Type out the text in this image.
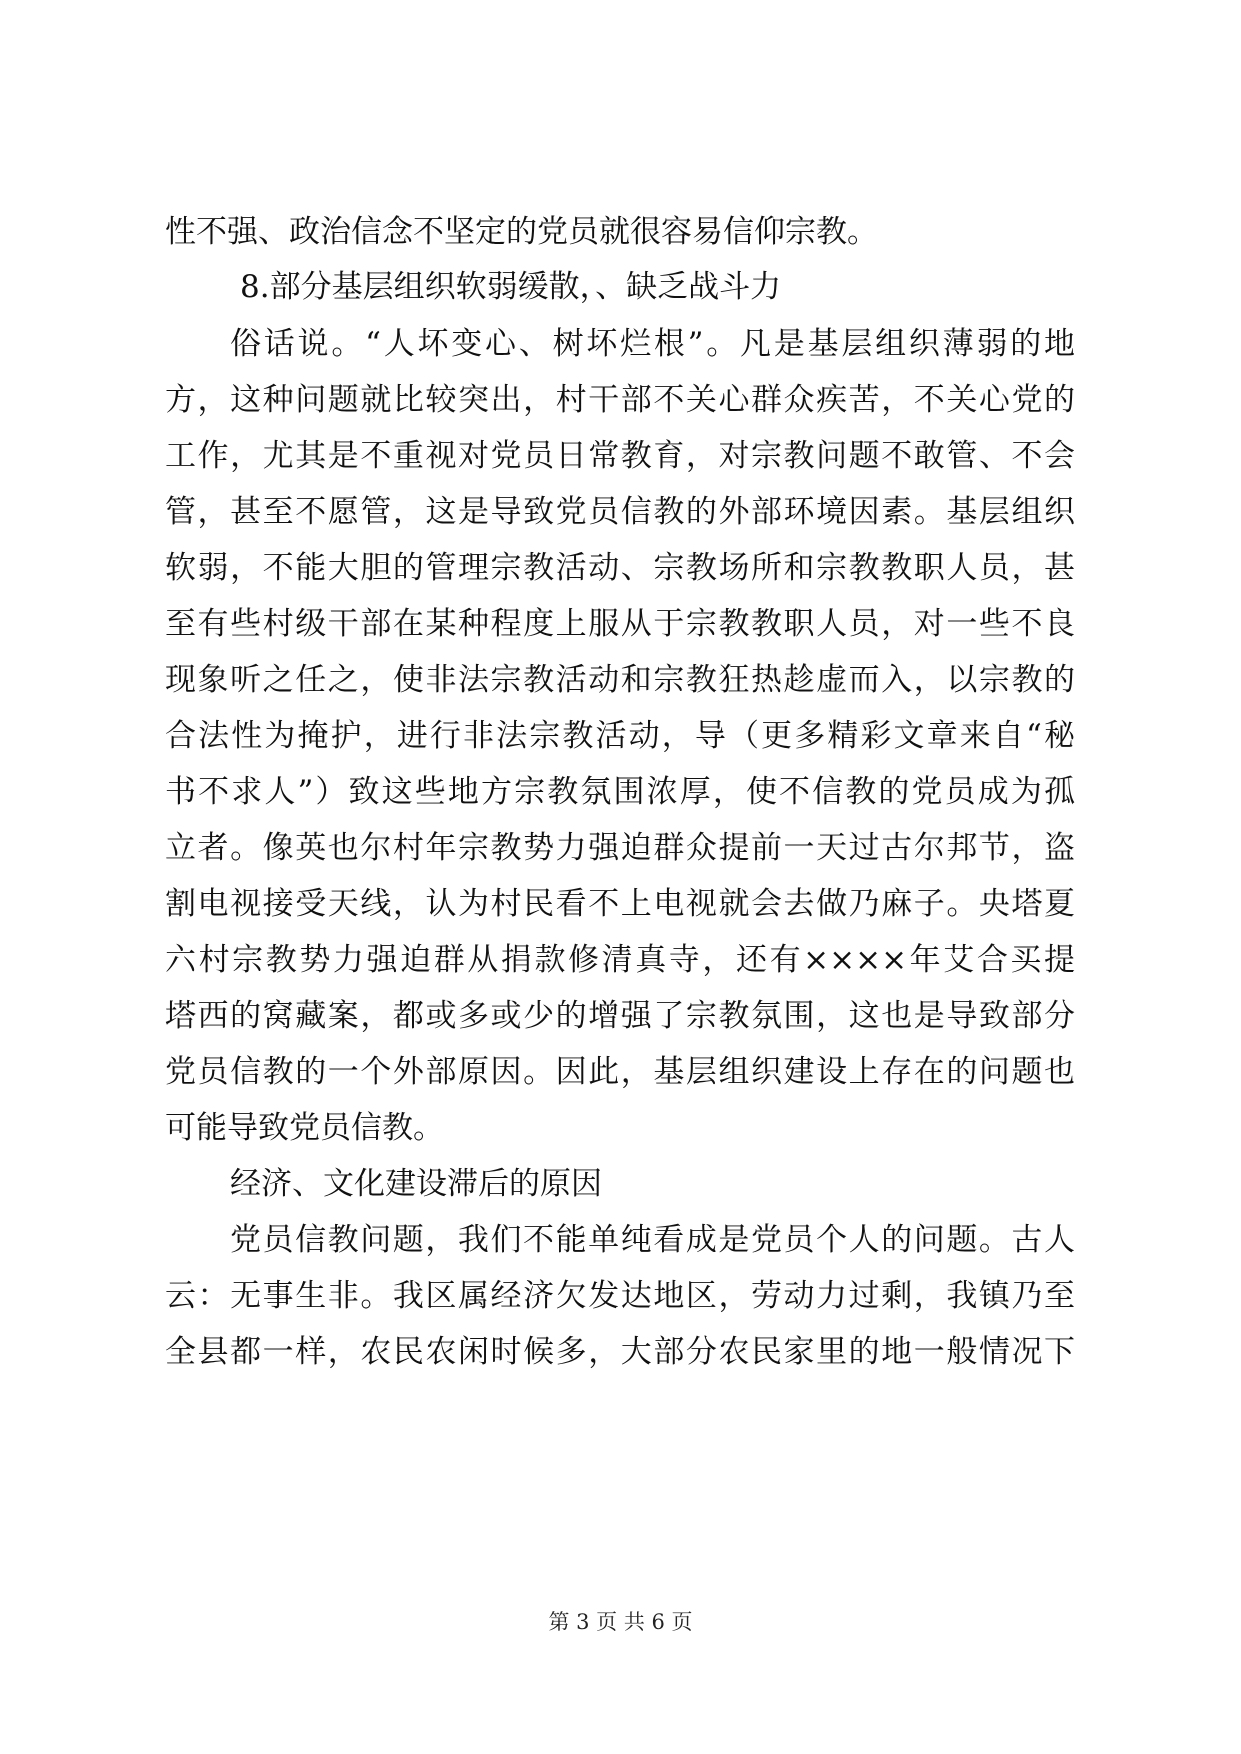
性不强、政治信念不坚定的党员就很容易信仰宗教。
8.部分基层组织软弱缓散，、缺乏战斗力
俗话说。“人坏变心、树坏烂根”。凡是基层组织薄弱的地
方，这种问题就比较突出，村干部不关心群众疾苦，不关心党的
工作，尤其是不重视对党员日常教育，对宗教问题不敢管、不会
管，甚至不愿管，这是导致党员信教的外部环境因素。基层组织
软弱，不能大胆的管理宗教活动、宗教场所和宗教教职人员，甚
至有些村级干部在某种程度上服从于宗教教职人员，对一些不良
现象听之任之，使非法宗教活动和宗教狂热趁虚而入，以宗教的
合法性为掩护，进行非法宗教活动，导（更多精彩文章来自“秘
书不求人”）致这些地方宗教氛围浓厚，使不信教的党员成为孤
立者。像英也尔村年宗教势力强迫群众提前一天过古尔邦节，盗
割电视接受天线，认为村民看不上电视就会去做乃麻子。央塔夏
六村宗教势力强迫群从捐款修清真寺，还有××××年艾合买提
塔西的窝藏案，都或多或少的增强了宗教氛围，这也是导致部分
党员信教的一个外部原因。因此，基层组织建设上存在的问题也
可能导致党员信教。
经济、文化建设滞后的原因
党员信教问题，我们不能单纯看成是党员个人的问题。古人
云：无事生非。我区属经济欠发达地区，劳动力过剩，我镇乃至
全县都一样，农民农闲时候多，大部分农民家里的地一般情况下
第 3 页 共 6 页
